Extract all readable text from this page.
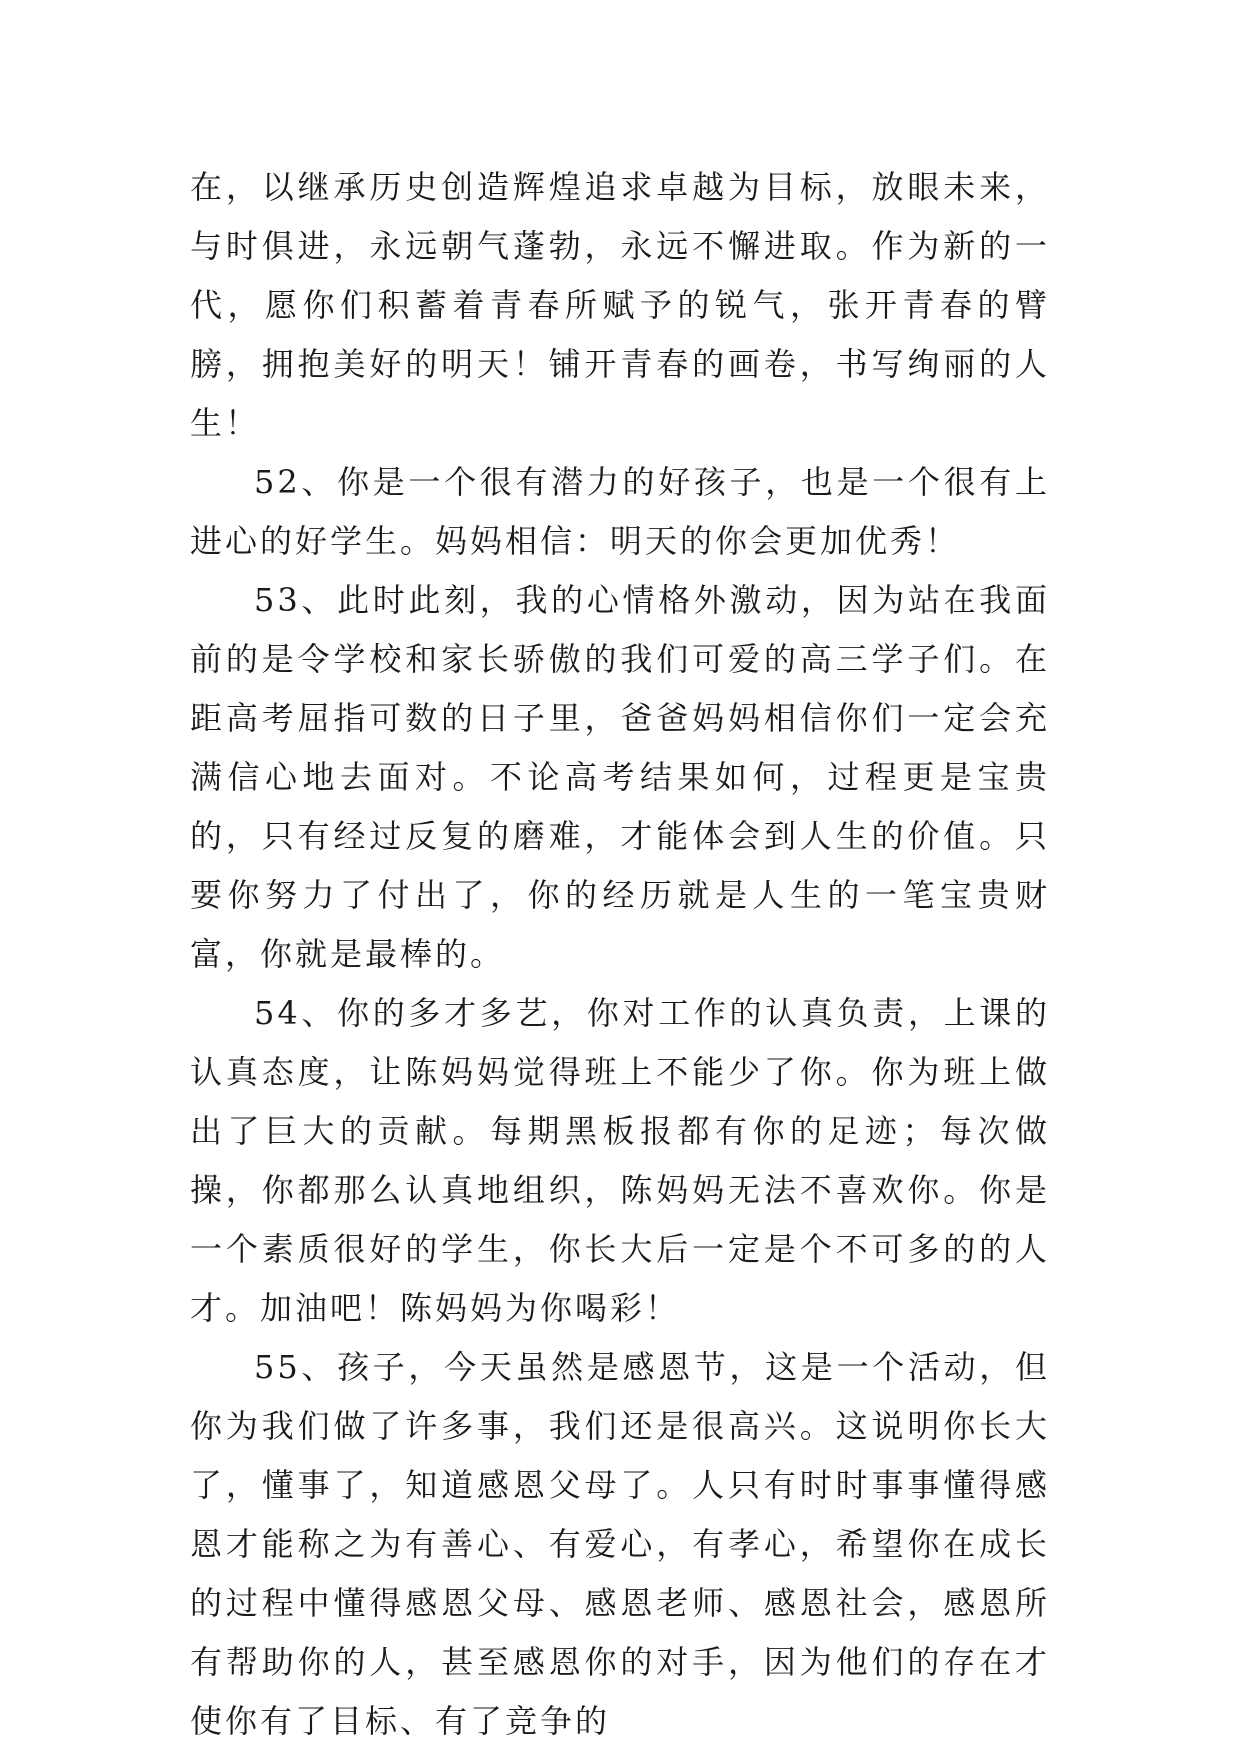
在，以继承历史创造辉煌追求卓越为目标，放眼未来，与时俱进，永远朝气蓬勃，永远不懈进取。作为新的一代，愿你们积蓄着青春所赋予的锐气，张开青春的臂膀，拥抱美好的明天！铺开青春的画卷，书写绚丽的人生！

52、你是一个很有潜力的好孩子，也是一个很有上进心的好学生。妈妈相信：明天的你会更加优秀！

53、此时此刻，我的心情格外激动，因为站在我面前的是令学校和家长骄傲的我们可爱的高三学子们。在距高考屈指可数的日子里，爸爸妈妈相信你们一定会充满信心地去面对。不论高考结果如何，过程更是宝贵的，只有经过反复的磨难，才能体会到人生的价值。只要你努力了付出了，你的经历就是人生的一笔宝贵财富，你就是最棒的。

54、你的多才多艺，你对工作的认真负责，上课的认真态度，让陈妈妈觉得班上不能少了你。你为班上做出了巨大的贡献。每期黑板报都有你的足迹；每次做操，你都那么认真地组织，陈妈妈无法不喜欢你。你是一个素质很好的学生，你长大后一定是个不可多的的人才。加油吧！陈妈妈为你喝彩！

55、孩子，今天虽然是感恩节，这是一个活动，但你为我们做了许多事，我们还是很高兴。这说明你长大了，懂事了，知道感恩父母了。人只有时时事事懂得感恩才能称之为有善心、有爱心，有孝心，希望你在成长的过程中懂得感恩父母、感恩老师、感恩社会，感恩所有帮助你的人，甚至感恩你的对手，因为他们的存在才使你有了目标、有了竞争的
